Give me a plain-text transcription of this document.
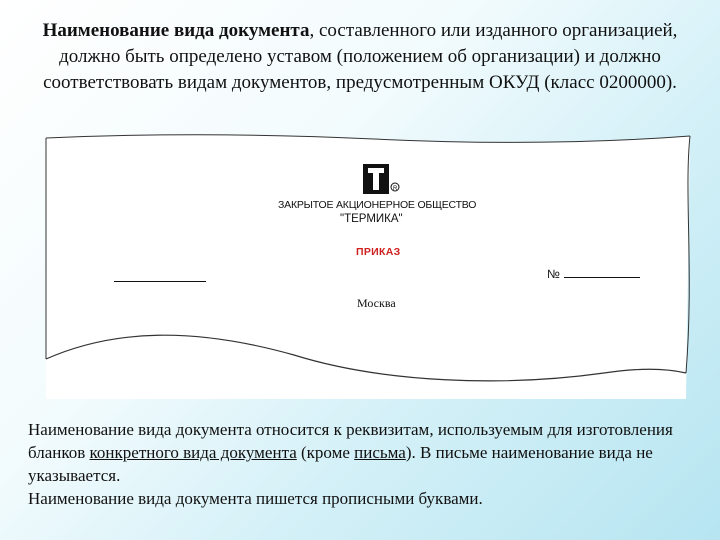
Наименование вида документа, составленного или изданного организацией, должно быть определено уставом (положением об организации) и должно соответствовать видам документов, предусмотренным ОКУД (класс 0200000).
R
ЗАКРЫТОЕ АКЦИОНЕРНОЕ ОБЩЕСТВО
"ТЕРМИКА"
ПРИКАЗ
№
Москва

Наименование вида документа относится к реквизитам, используемым для изготовления бланков конкретного вида документа (кроме письма). В письме наименование вида не указывается.

Наименование вида документа пишется прописными буквами.
